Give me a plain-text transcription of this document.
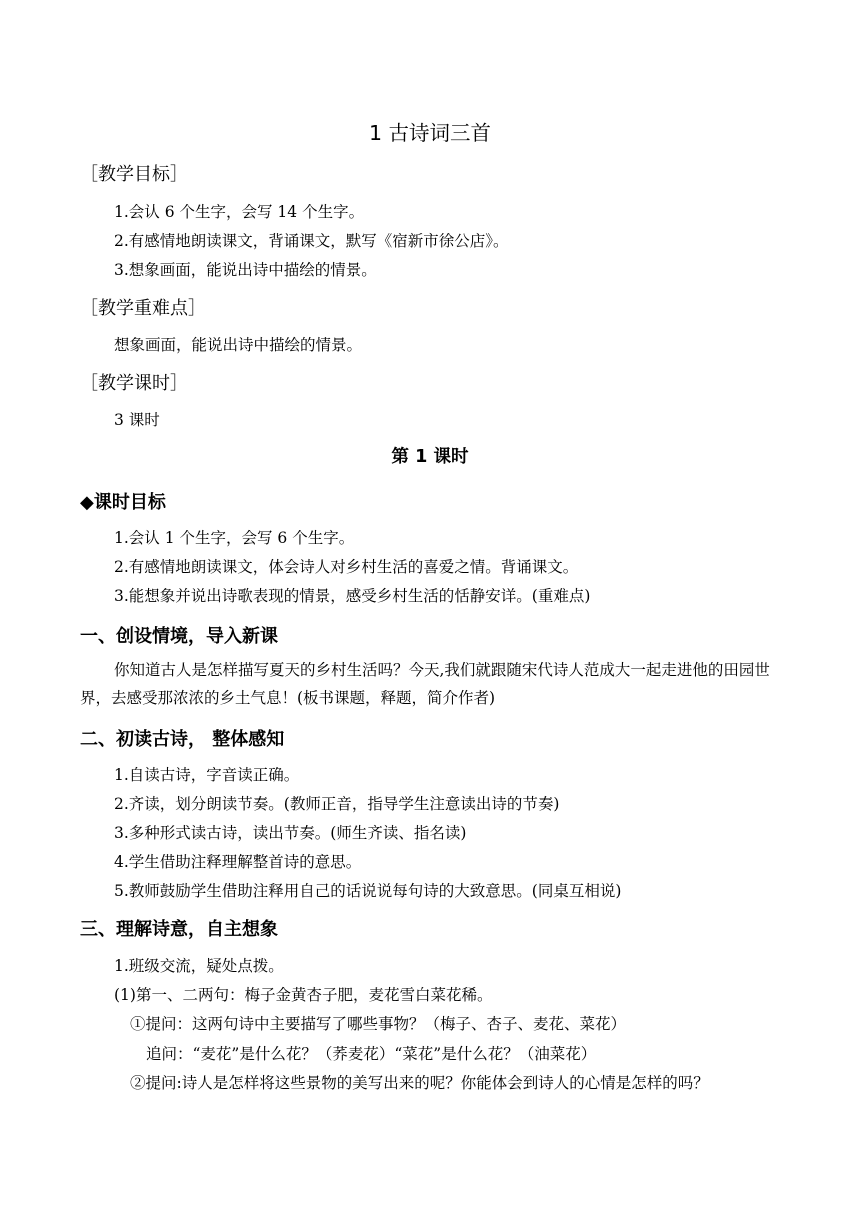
1 古诗词三首
［教学目标］
1.会认 6 个生字，会写 14 个生字。
2.有感情地朗读课文，背诵课文，默写《宿新市徐公店》。
3.想象画面，能说出诗中描绘的情景。
［教学重难点］
想象画面，能说出诗中描绘的情景。
［教学课时］
3 课时
第 1 课时
◆课时目标
1.会认 1 个生字，会写 6 个生字。
2.有感情地朗读课文，体会诗人对乡村生活的喜爱之情。背诵课文。
3.能想象并说出诗歌表现的情景，感受乡村生活的恬静安详。(重难点)
一、创设情境，导入新课
你知道古人是怎样描写夏天的乡村生活吗？今天,我们就跟随宋代诗人范成大一起走进他的田园世界，去感受那浓浓的乡土气息！(板书课题，释题，简介作者)
二、初读古诗， 整体感知
1.自读古诗，字音读正确。
2.齐读，划分朗读节奏。(教师正音，指导学生注意读出诗的节奏)
3.多种形式读古诗，读出节奏。(师生齐读、指名读)
4.学生借助注释理解整首诗的意思。
5.教师鼓励学生借助注释用自己的话说说每句诗的大致意思。(同桌互相说)
三、理解诗意，自主想象
1.班级交流，疑处点拨。
(1)第一、二两句：梅子金黄杏子肥，麦花雪白菜花稀。
①提问：这两句诗中主要描写了哪些事物？（梅子、杏子、麦花、菜花）
追问：“麦花”是什么花？（荞麦花）“菜花”是什么花？（油菜花）
②提问:诗人是怎样将这些景物的美写出来的呢？你能体会到诗人的心情是怎样的吗？
